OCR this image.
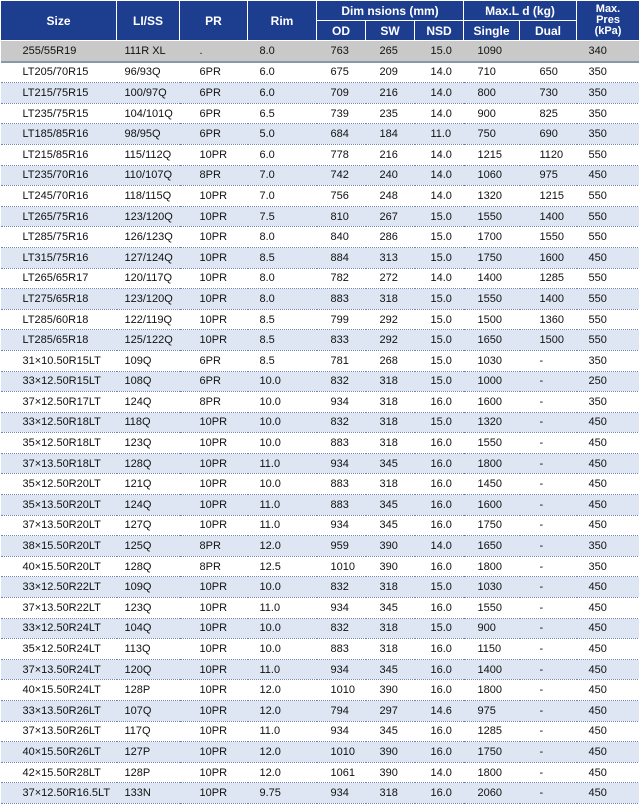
Size	LI/SS	PR	Rim	Dim nsions (mm)			Max.L d (kg)		Max.
Pres
(kPa)
				OD	SW	NSD	Single	Dual	
255/55R19	111R XL	.	8.0	763	265	15.0	1090		340
LT205/70R15	96/93Q	6PR	6.0	675	209	14.0	710	650	350
LT215/75R15	100/97Q	6PR	6.0	709	216	14.0	800	730	350
LT235/75R15	104/101Q	6PR	6.5	739	235	14.0	900	825	350
LT185/85R16	98/95Q	6PR	5.0	684	184	11.0	750	690	350
LT215/85R16	115/112Q	10PR	6.0	778	216	14.0	1215	1120	550
LT235/70R16	110/107Q	8PR	7.0	742	240	14.0	1060	975	450
LT245/70R16	118/115Q	10PR	7.0	756	248	14.0	1320	1215	550
LT265/75R16	123/120Q	10PR	7.5	810	267	15.0	1550	1400	550
LT285/75R16	126/123Q	10PR	8.0	840	286	15.0	1700	1550	550
LT315/75R16	127/124Q	10PR	8.5	884	313	15.0	1750	1600	450
LT265/65R17	120/117Q	10PR	8.0	782	272	14.0	1400	1285	550
LT275/65R18	123/120Q	10PR	8.0	883	318	15.0	1550	1400	550
LT285/60R18	122/119Q	10PR	8.5	799	292	15.0	1500	1360	550
LT285/65R18	125/122Q	10PR	8.5	833	292	15.0	1650	1500	550
31×10.50R15LT	109Q	6PR	8.5	781	268	15.0	1030	-	350
33×12.50R15LT	108Q	6PR	10.0	832	318	15.0	1000	-	250
37×12.50R17LT	124Q	8PR	10.0	934	318	16.0	1600	-	350
33×12.50R18LT	118Q	10PR	10.0	832	318	15.0	1320	-	450
35×12.50R18LT	123Q	10PR	10.0	883	318	16.0	1550	-	450
37×13.50R18LT	128Q	10PR	11.0	934	345	16.0	1800	-	450
35×12.50R20LT	121Q	10PR	10.0	883	318	16.0	1450	-	450
35×13.50R20LT	124Q	10PR	11.0	883	345	16.0	1600	-	450
37×13.50R20LT	127Q	10PR	11.0	934	345	16.0	1750	-	450
38×15.50R20LT	125Q	8PR	12.0	959	390	14.0	1650	-	350
40×15.50R20LT	128Q	8PR	12.5	1010	390	16.0	1800	-	350
33×12.50R22LT	109Q	10PR	10.0	832	318	15.0	1030	-	450
37×13.50R22LT	123Q	10PR	11.0	934	345	16.0	1550	-	450
33×12.50R24LT	104Q	10PR	10.0	832	318	15.0	900	-	450
35×12.50R24LT	113Q	10PR	10.0	883	318	16.0	1150	-	450
37×13.50R24LT	120Q	10PR	11.0	934	345	16.0	1400	-	450
40×15.50R24LT	128P	10PR	12.0	1010	390	16.0	1800	-	450
33×13.50R26LT	107Q	10PR	12.0	794	297	14.6	975	-	450
37×13.50R26LT	117Q	10PR	11.0	934	345	16.0	1285	-	450
40×15.50R26LT	127P	10PR	12.0	1010	390	16.0	1750	-	450
42×15.50R28LT	128P	10PR	12.0	1061	390	14.0	1800	-	450
37×12.50R16.5LT	133N	10PR	9.75	934	318	16.0	2060	-	450
